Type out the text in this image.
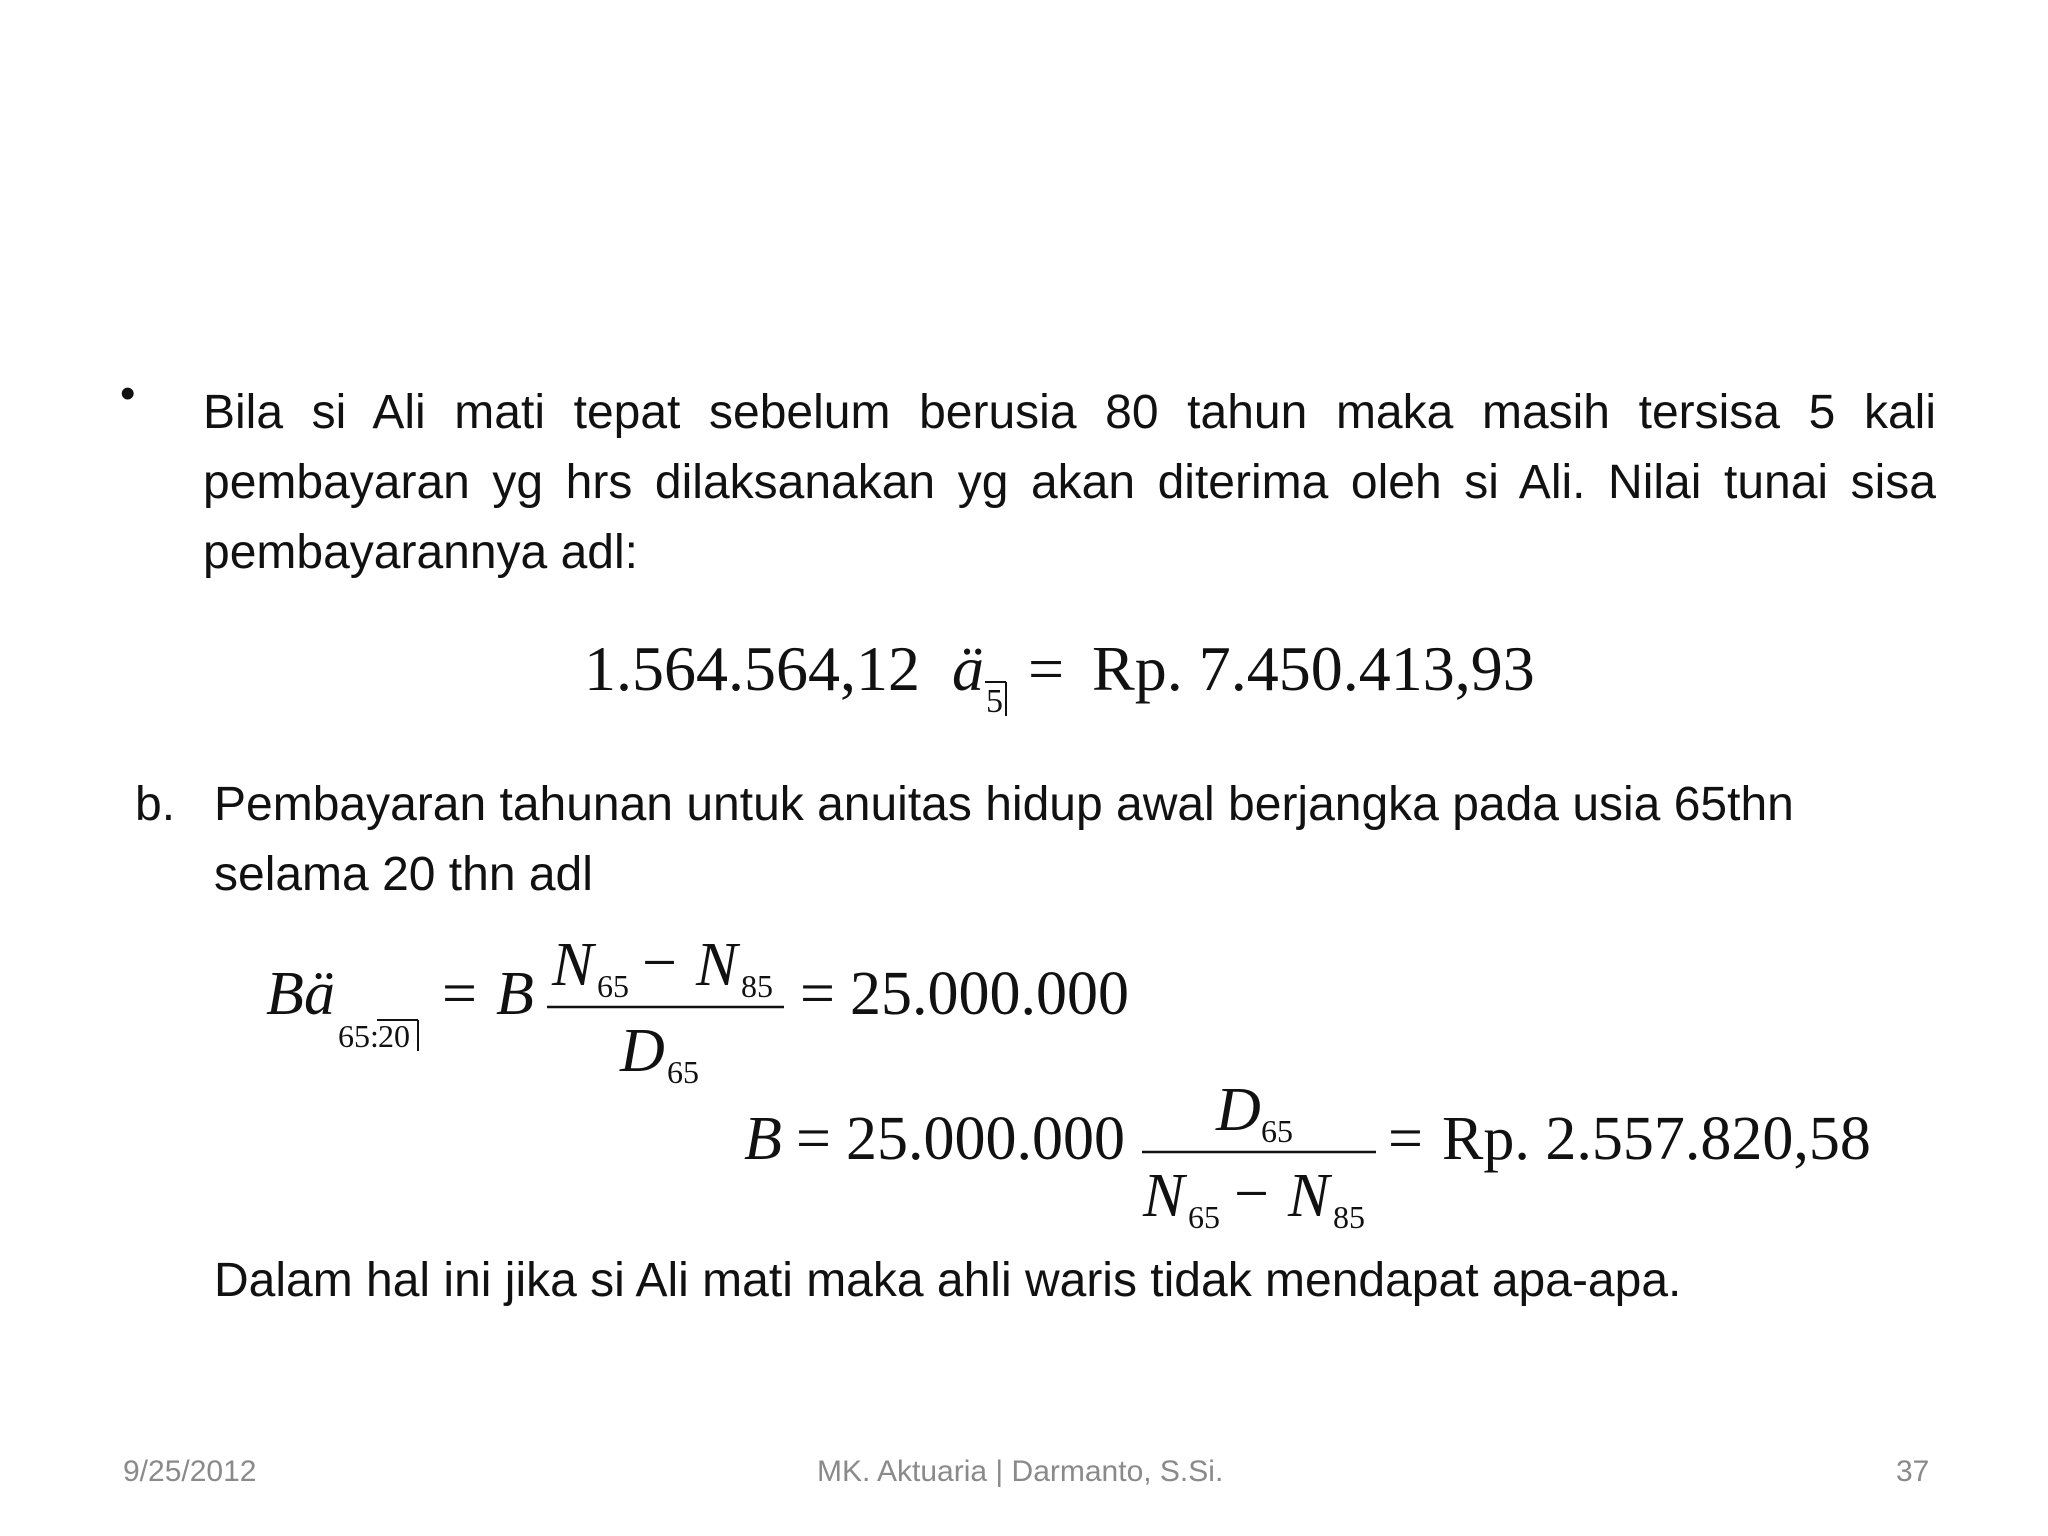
• Bila si Ali mati tepat sebelum berusia 80 tahun maka masih tersisa 5 kali pembayaran yg hrs dilaksanakan yg akan diterima oleh si Ali. Nilai tunai sisa pembayarannya adl:
1.564.564,12 ä 5 = Rp. 7.450.413,93
b. Pembayaran tahunan untuk anuitas hidup awal berjangka pada usia 65thn selama 20 thn adl
B ä
65: 20
= B N 65 − N 85
D 65
= 25.000.000
B = 25.000.000 D 65
N 65 − N 85
= Rp. 2.557.820,58
Dalam hal ini jika si Ali mati maka ahli waris tidak mendapat apa-apa.
9/25/2012	MK. Aktuaria | Darmanto, S.Si.	37
